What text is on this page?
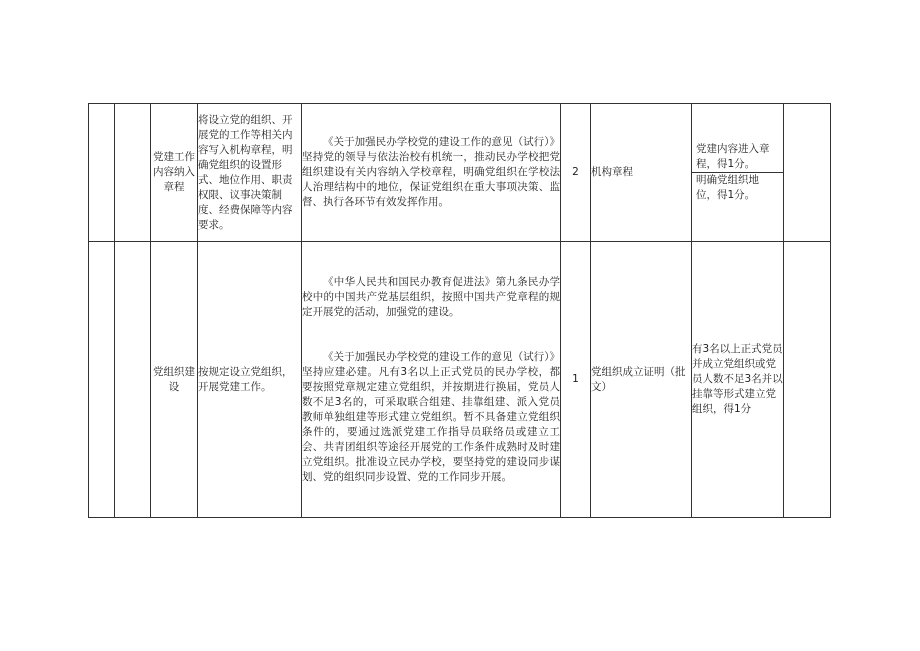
		党建工作内容纳入章程	将设立党的组织、开展党的工作等相关内容写入机构章程，明确党组织的设置形式、地位作用、职责权限、议事决策制度、经费保障等内容要求。	《关于加强民办学校党的建设工作的意见（试行）》坚持党的领导与依法治校有机统一，推动民办学校把党组织建设有关内容纳入学校章程，明确党组织在学校法人治理结构中的地位，保证党组织在重大事项决策、监督、执行各环节有效发挥作用。	2	机构章程	党建内容进入章程，得1分。
明确党组织地位，得1分。	

		党组织建设	按规定设立党组织，开展党建工作。	《中华人民共和国民办教育促进法》第九条民办学校中的中国共产党基层组织，按照中国共产党章程的规定开展党的活动，加强党的建设。

《关于加强民办学校党的建设工作的意见（试行）》坚持应建必建。凡有3名以上正式党员的民办学校，都要按照党章规定建立党组织，并按期进行换届，党员人数不足3名的，可采取联合组建、挂靠组建、派入党员教师单独组建等形式建立党组织。暂不具备建立党组织条件的，要通过选派党建工作指导员联络员或建立工会、共青团组织等途径开展党的工作条件成熟时及时建立党组织。批准设立民办学校，要坚持党的建设同步谋划、党的组织同步设置、党的工作同步开展。	1	党组织成立证明（批文）	有3名以上正式党员并成立党组织或党员人数不足3名并以挂靠等形式建立党组织，得1分	
